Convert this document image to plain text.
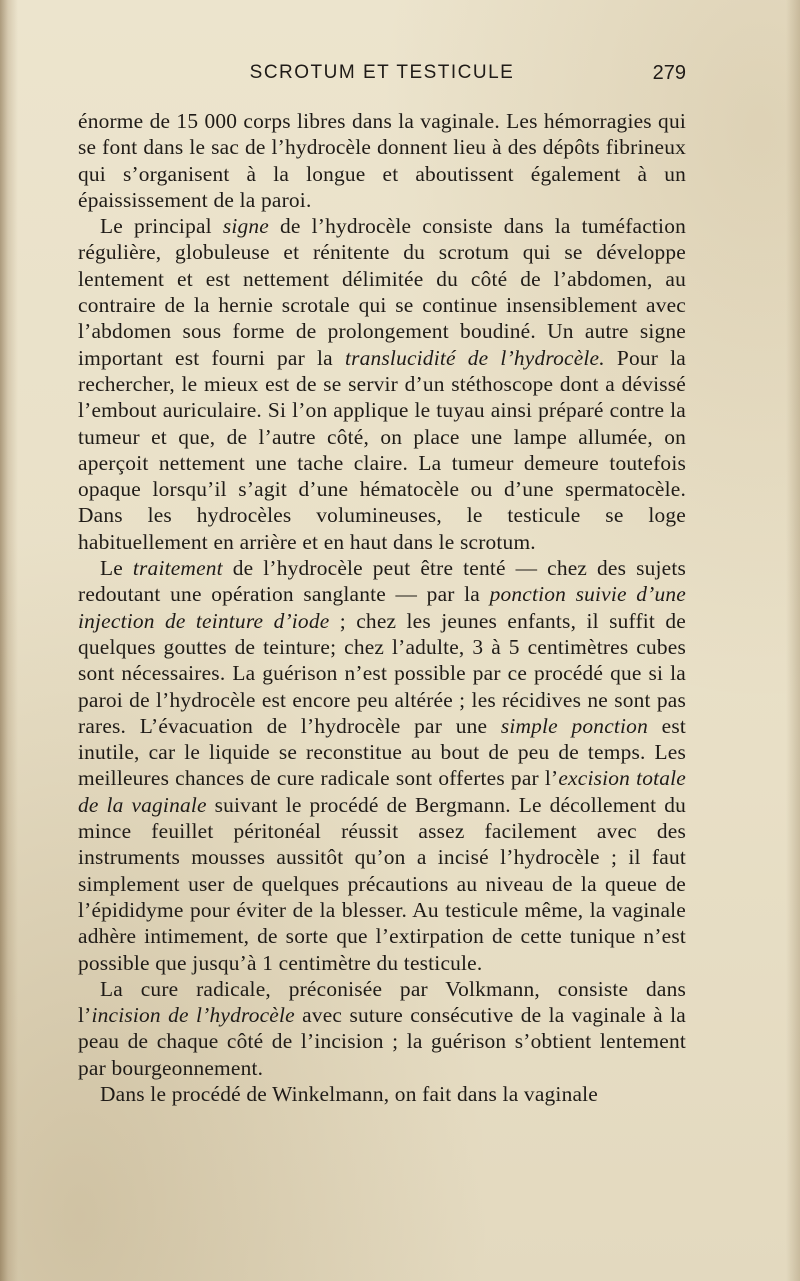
SCROTUM ET TESTICULE	279

énorme de 15 000 corps libres dans la vaginale. Les hémorragies qui se font dans le sac de l’hydrocèle donnent lieu à des dépôts fibrineux qui s’organisent à la longue et aboutissent également à un épaississement de la paroi.

Le principal signe de l’hydrocèle consiste dans la tuméfaction régulière, globuleuse et rénitente du scrotum qui se développe lentement et est nettement délimitée du côté de l’abdomen, au contraire de la hernie scrotale qui se continue insensiblement avec l’abdomen sous forme de prolongement boudiné. Un autre signe important est fourni par la translucidité de l’hydrocèle. Pour la rechercher, le mieux est de se servir d’un stéthoscope dont a dévissé l’embout auriculaire. Si l’on applique le tuyau ainsi préparé contre la tumeur et que, de l’autre côté, on place une lampe allumée, on aperçoit nettement une tache claire. La tumeur demeure toutefois opaque lorsqu’il s’agit d’une hématocèle ou d’une spermatocèle. Dans les hydrocèles volumineuses, le testicule se loge habituellement en arrière et en haut dans le scrotum.

Le traitement de l’hydrocèle peut être tenté — chez des sujets redoutant une opération sanglante — par la ponction suivie d’une injection de teinture d’iode ; chez les jeunes enfants, il suffit de quelques gouttes de teinture; chez l’adulte, 3 à 5 centimètres cubes sont nécessaires. La guérison n’est possible par ce procédé que si la paroi de l’hydrocèle est encore peu altérée ; les récidives ne sont pas rares. L’évacuation de l’hydrocèle par une simple ponction est inutile, car le liquide se reconstitue au bout de peu de temps. Les meilleures chances de cure radicale sont offertes par l’excision totale de la vaginale suivant le procédé de Bergmann. Le décollement du mince feuillet péritonéal réussit assez facilement avec des instruments mousses aussitôt qu’on a incisé l’hydrocèle ; il faut simplement user de quelques précautions au niveau de la queue de l’épididyme pour éviter de la blesser. Au testicule même, la vaginale adhère intimement, de sorte que l’extirpation de cette tunique n’est possible que jusqu’à 1 centimètre du testicule.

La cure radicale, préconisée par Volkmann, consiste dans l’incision de l’hydrocèle avec suture consécutive de la vaginale à la peau de chaque côté de l’incision ; la guérison s’obtient lentement par bourgeonnement.

Dans le procédé de Winkelmann, on fait dans la vaginale
